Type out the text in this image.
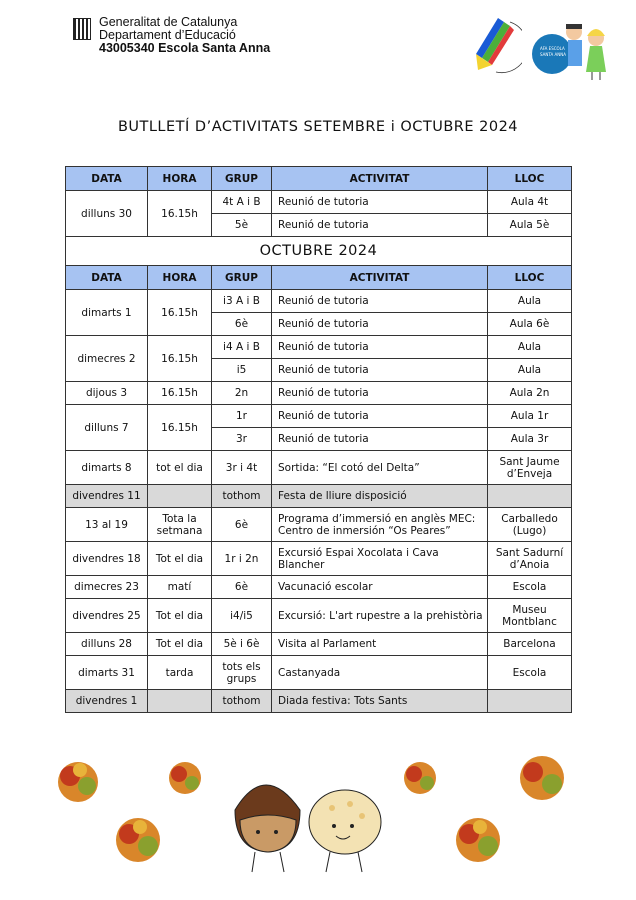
Generalitat de Catalunya
Departament d’Educació
43005340 Escola Santa Anna	AFA ESCOLA
SANTA ANNA
BUTLLETÍ D’ACTIVITATS SETEMBRE i OCTUBRE 2024
DATA	HORA	GRUP	ACTIVITAT	LLOC
dilluns 30	16.15h	4t A i B	Reunió de tutoria	Aula 4t
		5è	Reunió de tutoria	Aula 5è
OCTUBRE 2024				
DATA	HORA	GRUP	ACTIVITAT	LLOC
dimarts 1	16.15h	i3 A i B	Reunió de tutoria	Aula
		6è	Reunió de tutoria	Aula 6è
dimecres 2	16.15h	i4 A i B	Reunió de tutoria	Aula
		i5	Reunió de tutoria	Aula
dijous 3	16.15h	2n	Reunió de tutoria	Aula 2n
dilluns 7	16.15h	1r	Reunió de tutoria	Aula 1r
		3r	Reunió de tutoria	Aula 3r
dimarts 8	tot el dia	3r i 4t	Sortida: “El cotó del Delta”	Sant Jaume d’Enveja
divendres 11		tothom	Festa de lliure disposició	
13 al 19	Tota la setmana	6è	Programa d’immersió en anglès MEC: Centro de inmersión “Os Peares”	Carballedo (Lugo)
divendres 18	Tot el dia	1r i 2n	Excursió Espai Xocolata i Cava Blancher	Sant Sadurní d’Anoia
dimecres 23	matí	6è	Vacunació escolar	Escola
divendres 25	Tot el dia	i4/i5	Excursió: L'art rupestre a la prehistòria	Museu Montblanc
dilluns 28	Tot el dia	5è i 6è	Visita al Parlament	Barcelona
dimarts 31	tarda	tots els grups	Castanyada	Escola
divendres 1		tothom	Diada festiva: Tots Sants	
